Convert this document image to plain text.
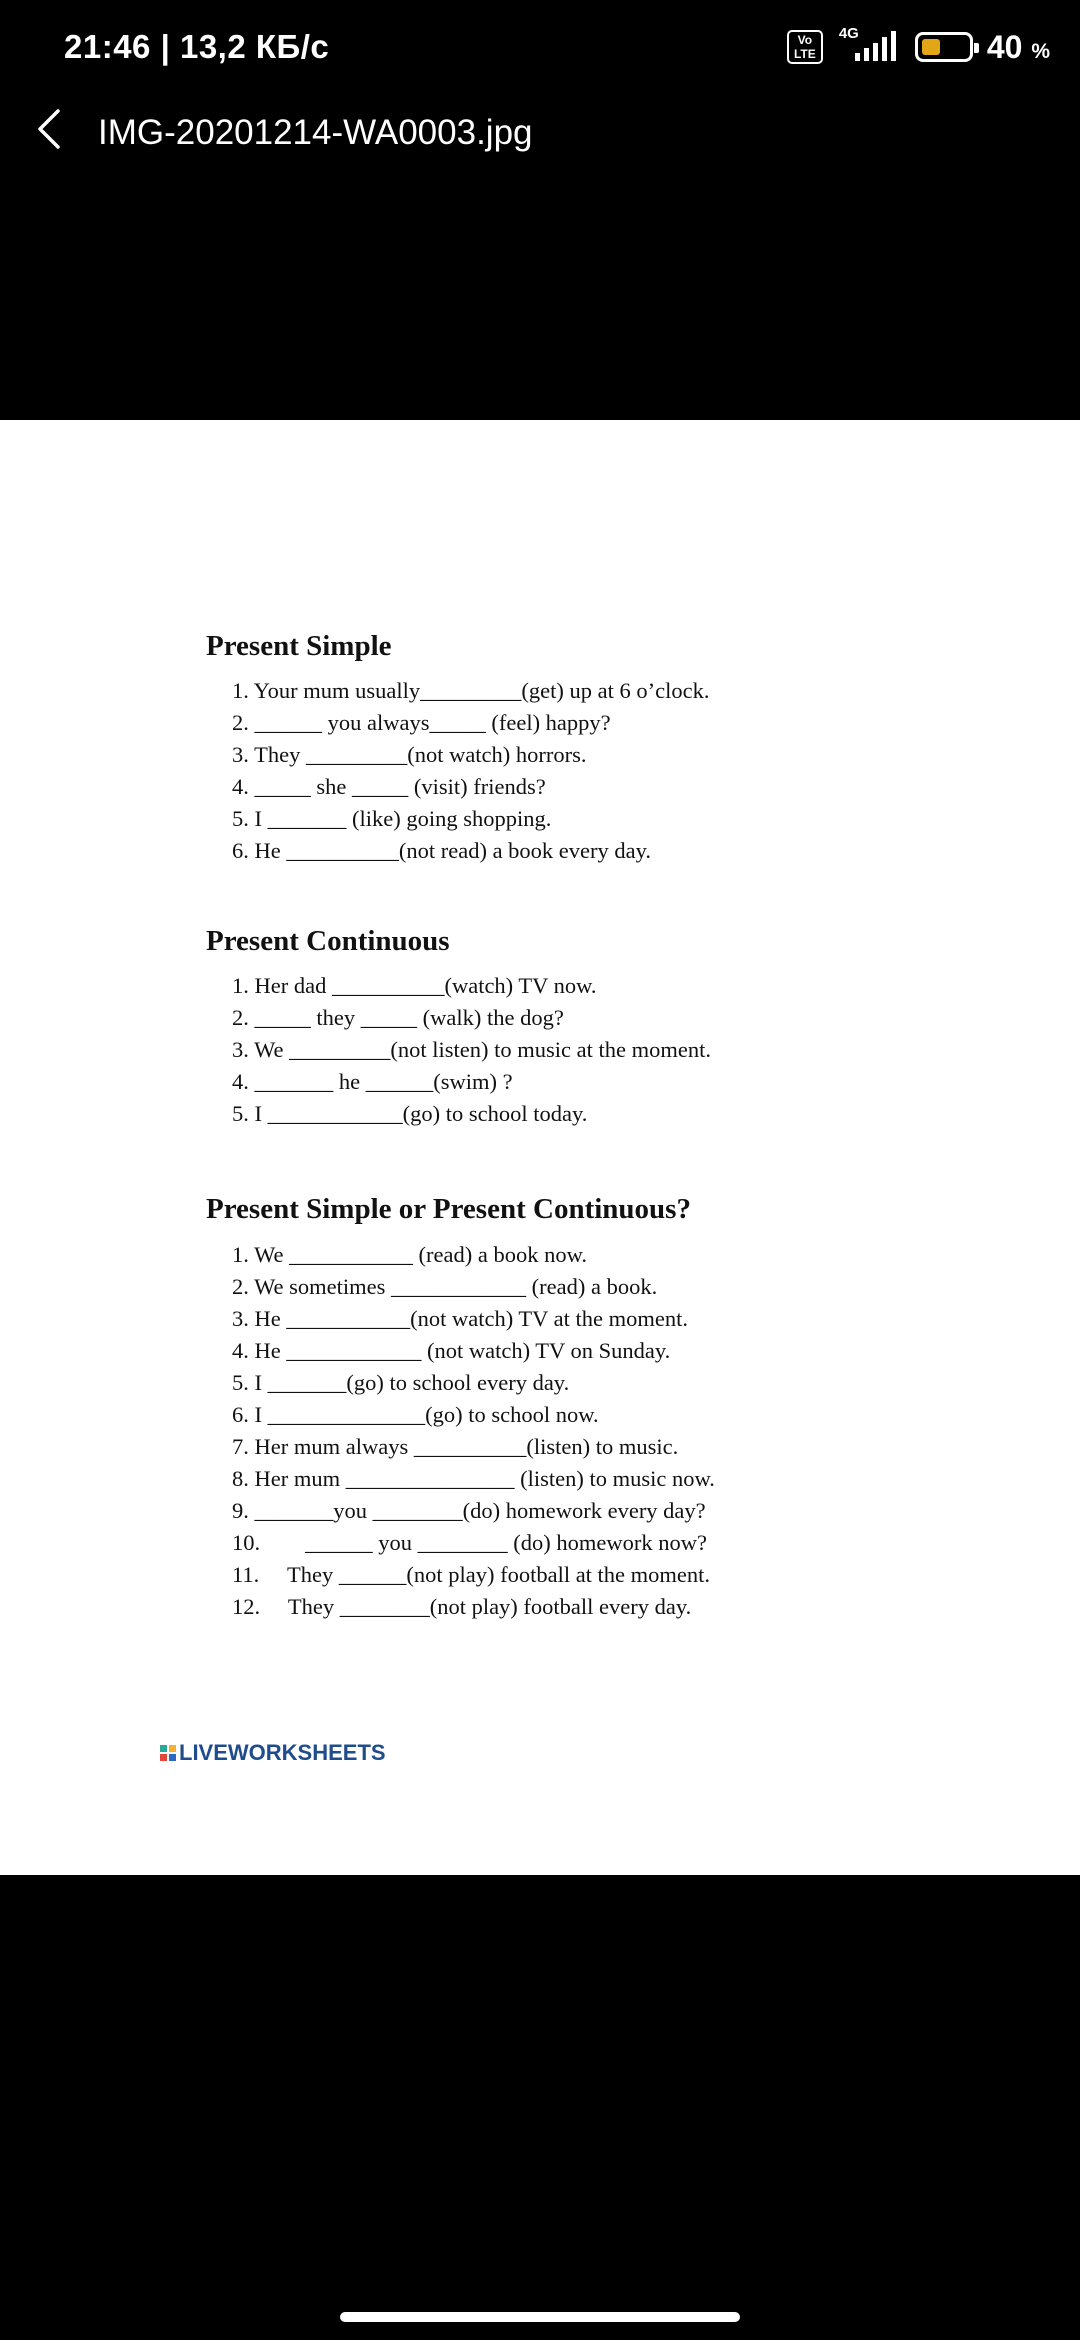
21:46 | 13,2 КБ/с	Vo
LTE
4G	40 %
IMG-20201214-WA0003.jpg
Present Simple
1. Your mum usually_________(get) up at 6 o’clock.
2. ______ you always_____ (feel) happy?
3. They _________(not watch) horrors.
4. _____ she _____ (visit) friends?
5. I _______ (like) going shopping.
6. He __________(not read) a book every day.
Present Continuous
1. Her dad __________(watch) TV now.
2. _____ they _____ (walk) the dog?
3. We _________(not listen) to music at the moment.
4. _______ he ______(swim) ?
5. I ____________(go) to school today.
Present Simple or Present Continuous?
1. We ___________ (read) a book now.
2. We sometimes ____________ (read) a book.
3. He ___________(not watch) TV at the moment.
4. He ____________ (not watch) TV on Sunday.
5. I _______(go) to school every day.
6. I ______________(go) to school now.
7. Her mum always __________(listen) to music.
8. Her mum _______________ (listen) to music now.
9. _______you ________(do) homework every day?
10.        ______ you ________ (do) homework now?
11.     They ______(not play) football at the moment.
12.     They ________(not play) football every day.
LIVEWORKSHEETS
